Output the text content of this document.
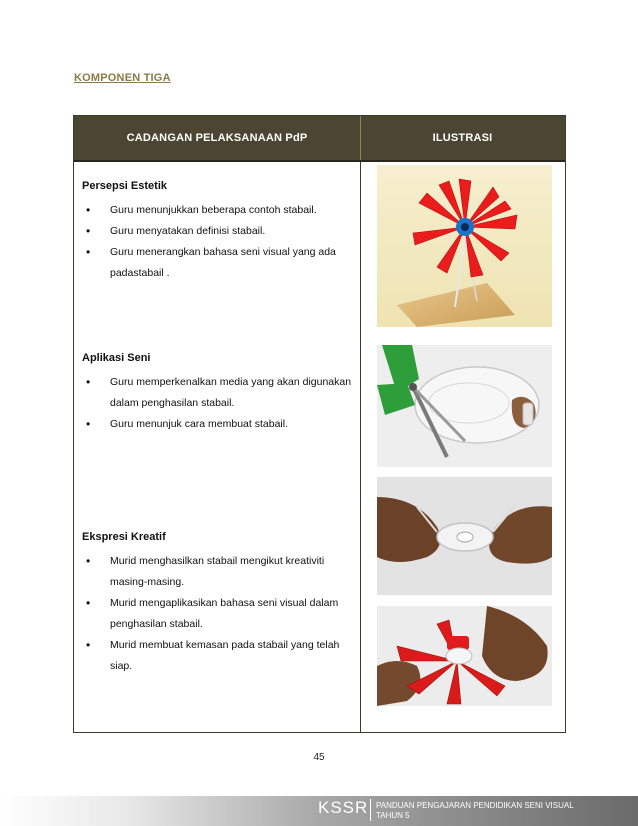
KOMPONEN TIGA
CADANGAN PELAKSANAAN PdP	ILUSTRASI
Persepsi Estetik
• Guru menunjukkan beberapa contoh stabail.
• Guru menyatakan definisi stabail.
• Guru menerangkan bahasa seni visual yang ada padastabail .
Aplikasi Seni
• Guru memperkenalkan media yang akan digunakan dalam penghasilan stabail.
• Guru menunjuk cara membuat stabail.
Ekspresi Kreatif
• Murid menghasilkan stabail mengikut kreativiti masing-masing.
• Murid mengaplikasikan bahasa seni visual dalam penghasilan stabail.
• Murid membuat kemasan pada stabail yang telah siap.
45
KSSR PANDUAN PENGAJARAN PENDIDIKAN SENI VISUAL
TAHUN 5
